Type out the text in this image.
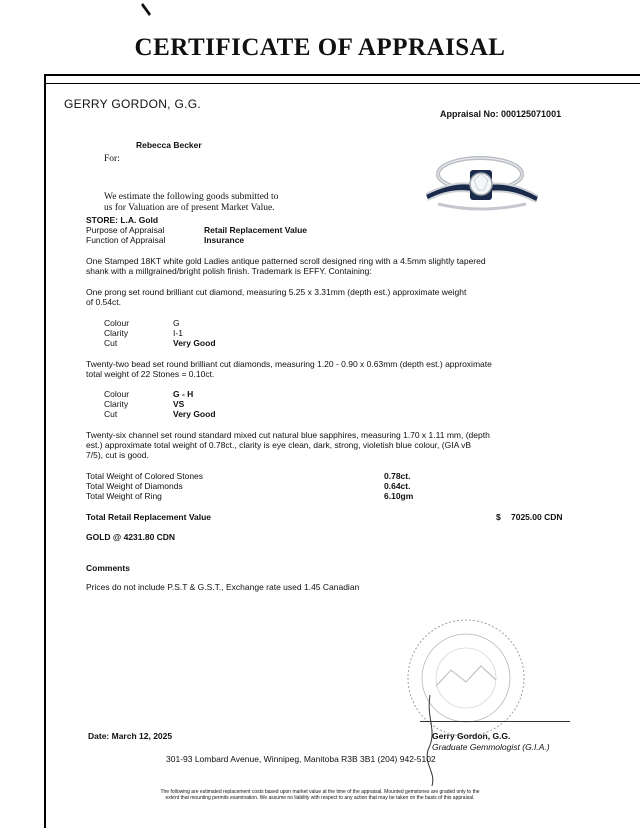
CERTIFICATE OF APPRAISAL
GERRY GORDON, G.G.
Appraisal No: 000125071001
Rebecca Becker
For:
We estimate the following goods submitted to
us for Valuation are of present Market Value.
STORE: L.A. Gold
Purpose of Appraisal	Retail Replacement Value
Function of Appraisal	Insurance
One Stamped 18KT white gold Ladies antique patterned scroll designed ring with a 4.5mm slightly tapered
shank with a millgrained/bright polish finish. Trademark is EFFY. Containing:
One prong set round brilliant cut diamond, measuring 5.25 x 3.31mm (depth est.) approximate weight
of 0.54ct.
Colour	G
Clarity	I-1
Cut	Very Good
Twenty-two bead set round brilliant cut diamonds, measuring 1.20 - 0.90 x 0.63mm (depth est.) approximate
total weight of 22 Stones = 0.10ct.
Colour	G - H
Clarity	VS
Cut	Very Good
Twenty-six channel set round standard mixed cut natural blue sapphires, measuring 1.70 x 1.11 mm, (depth
est.) approximate total weight of 0.78ct., clarity is eye clean, dark, strong, violetish blue colour, (GIA vB
7/5), cut is good.
Total Weight of Colored Stones	0.78ct.
Total Weight of Diamonds	0.64ct.
Total Weight of Ring	6.10gm
Total Retail Replacement Value	$ 7025.00 CDN
GOLD @ 4231.80 CDN
Comments
Prices do not include P.S.T & G.S.T., Exchange rate used 1.45 Canadian
Date: March 12, 2025	Gerry Gordon, G.G.
Graduate Gemmologist (G.I.A.)
301-93 Lombard Avenue, Winnipeg, Manitoba R3B 3B1 (204) 942-5102
The following are estimated replacement costs based upon market value at the time of the appraisal. Mounted gemstones are graded only to the
extent that mounting permits examination. We assume no liability with respect to any action that may be taken on the basis of this appraisal.
